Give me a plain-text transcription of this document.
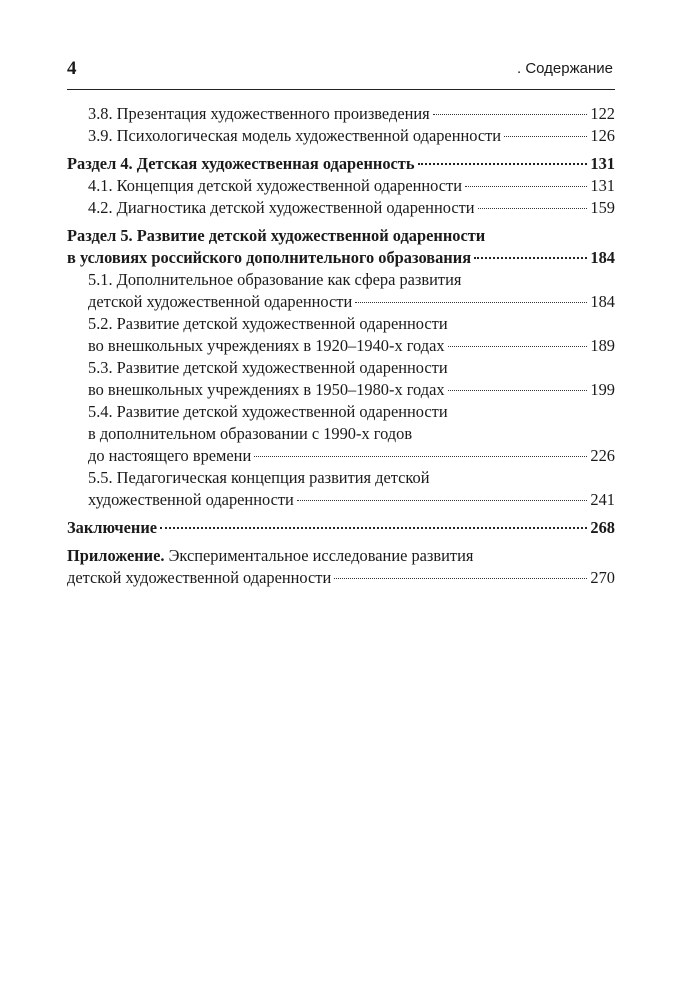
4	. Содержание
3.8. Презентация художественного произведения	122
3.9. Психологическая модель художественной одаренности	126
Раздел 4. Детская художественная одаренность	131
4.1. Концепция детской художественной одаренности	131
4.2. Диагностика детской художественной одаренности	159
Раздел 5. Развитие детской художественной одаренности
в условиях российского дополнительного образования	184
5.1. Дополнительное образование как сфера развития
детской художественной одаренности	184
5.2. Развитие детской художественной одаренности
во внешкольных учреждениях в 1920–1940-х годах	189
5.3. Развитие детской художественной одаренности
во внешкольных учреждениях в 1950–1980-х годах	199
5.4. Развитие детской художественной одаренности
в дополнительном образовании с 1990-х годов
до настоящего времени	226
5.5. Педагогическая концепция развития детской
художественной одаренности	241
Заключение	268
Приложение. Экспериментальное исследование развития
детской художественной одаренности	270
